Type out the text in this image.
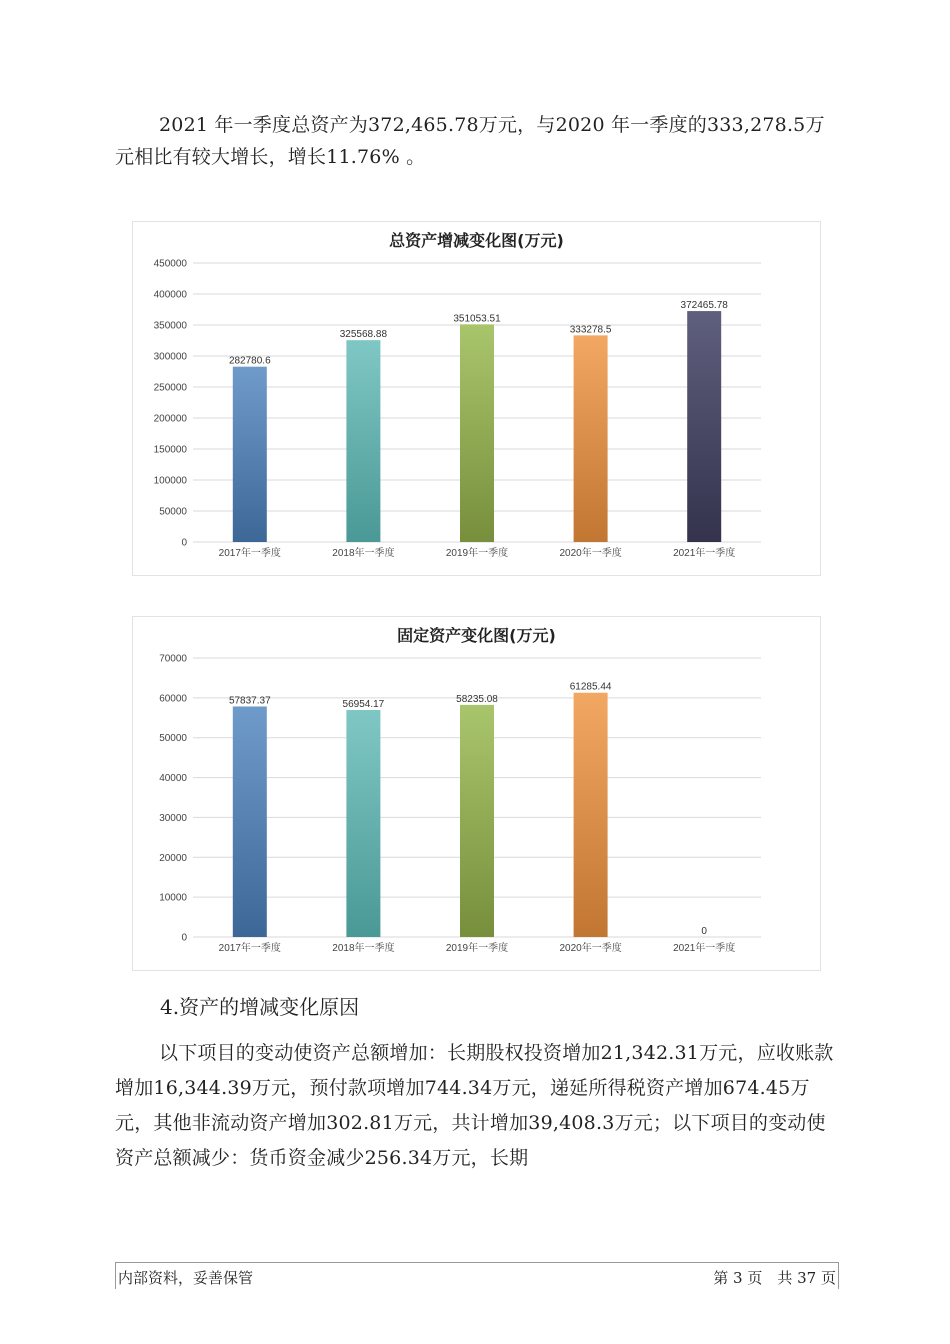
2021 年一季度总资产为372,465.78万元，与2020 年一季度的333,278.5万元相比有较大增长，增长11.76% 。

总资产增减变化图(万元)
0
50000
100000
150000
200000
250000
300000
350000
400000
450000
282780.6
2017年一季度
325568.88
2018年一季度
351053.51
2019年一季度
333278.5
2020年一季度
372465.78
2021年一季度
固定资产变化图(万元)
0
10000
20000
30000
40000
50000
60000
70000
57837.37
2017年一季度
56954.17
2018年一季度
58235.08
2019年一季度
61285.44
2020年一季度
0
2021年一季度

4.资产的增减变化原因

以下项目的变动使资产总额增加：长期股权投资增加21,342.31万元，应收账款增加16,344.39万元，预付款项增加744.34万元，递延所得税资产增加674.45万元，其他非流动资产增加302.81万元，共计增加39,408.3万元；以下项目的变动使资产总额减少：货币资金减少256.34万元，长期

内部资料，妥善保管	第 3 页　共 37 页
